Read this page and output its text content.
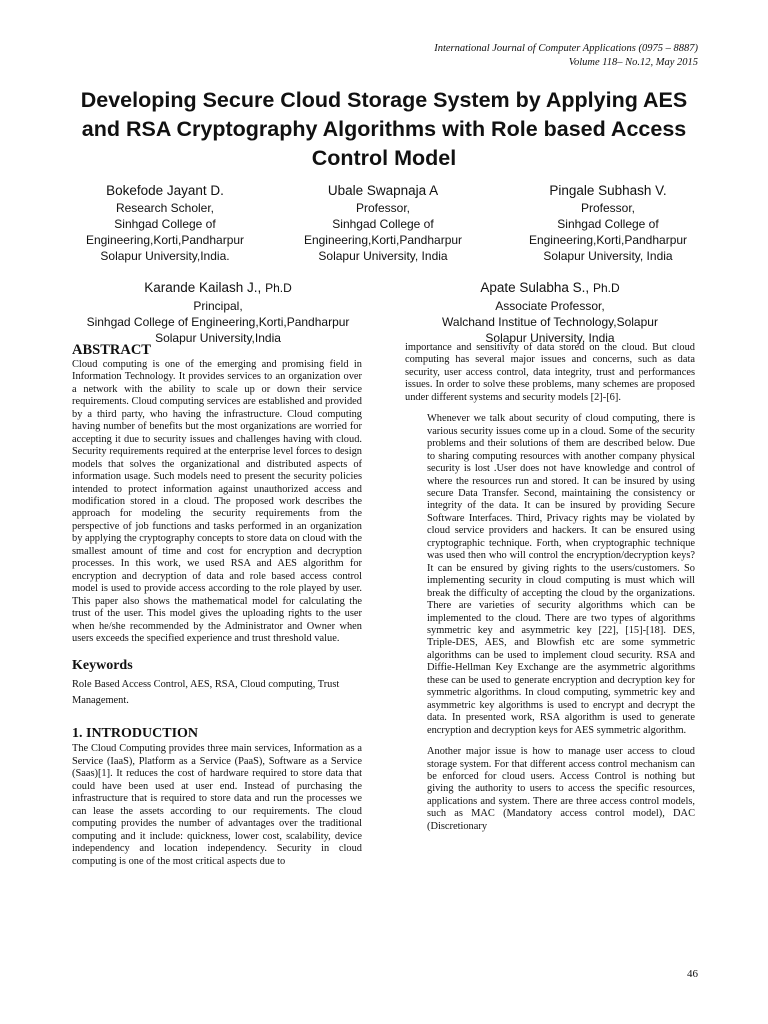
International Journal of Computer Applications (0975 – 8887)
Volume 118– No.12, May 2015
Developing Secure Cloud Storage System by Applying AES and RSA Cryptography Algorithms with Role based Access Control Model
Bokefode Jayant D.
Research Scholer,
Sinhgad College of
Engineering,Korti,Pandharpur
Solapur University,India.
Ubale Swapnaja A
Professor,
Sinhgad College of
Engineering,Korti,Pandharpur
Solapur University, India
Pingale Subhash V.
Professor,
Sinhgad College of
Engineering,Korti,Pandharpur
Solapur University, India
Karande Kailash J., Ph.D
Principal,
Sinhgad College of Engineering,Korti,Pandharpur
Solapur University,India
Apate Sulabha S., Ph.D
Associate Professor,
Walchand Institue of Technology,Solapur
Solapur University, India
ABSTRACT

Cloud computing is one of the emerging and promising field in Information Technology. It provides services to an organization over a network with the ability to scale up or down their service requirements. Cloud computing services are established and provided by a third party, who having the infrastructure. Cloud computing having number of benefits but the most organizations are worried for accepting it due to security issues and challenges having with cloud. Security requirements required at the enterprise level forces to design models that solves the organizational and distributed aspects of information usage. Such models need to present the security policies intended to protect information against unauthorized access and modification stored in a cloud. The proposed work describes the approach for modeling the security requirements from the perspective of job functions and tasks performed in an organization by applying the cryptography concepts to store data on cloud with the smallest amount of time and cost for encryption and decryption processes. In this work, we used RSA and AES algorithm for encryption and decryption of data and role based access control model is used to provide access according to the role played by user. This paper also shows the mathematical model for calculating the trust of the user. This model gives the uploading rights to the user when he/she recommended by the Administrator and Owner when users exceeds the specified experience and trust threshold value.

Keywords

Role Based Access Control, AES, RSA, Cloud computing, Trust Management.

1. INTRODUCTION

The Cloud Computing provides three main services, Information as a Service (IaaS), Platform as a Service (PaaS), Software as a Service (Saas)[1]. It reduces the cost of hardware required to store data that could have been used at user end. Instead of purchasing the infrastructure that is required to store data and run the processes we can lease the assets according to our requirements. The cloud computing provides the number of advantages over the traditional computing and it include: quickness, lower cost, scalability, device independency and location independency. Security in cloud computing is one of the most critical aspects due to

importance and sensitivity of data stored on the cloud. But cloud computing has several major issues and concerns, such as data security, user access control, data integrity, trust and performances issues. In order to solve these problems, many schemes are proposed under different systems and security models [2]-[6].

Whenever we talk about security of cloud computing, there is various security issues come up in a cloud. Some of the security problems and their solutions of them are described below. Due to sharing computing resources with another company physical security is lost .User does not have knowledge and control of where the resources run and stored. It can be insured by using secure Data Transfer. Second, maintaining the consistency or integrity of the data. It can be insured by providing Secure Software Interfaces. Third, Privacy rights may be violated by cloud service providers and hackers. It can be ensured using cryptographic technique. Forth, when cryptographic technique was used then who will control the encryption/decryption keys? It can be ensured by giving rights to the users/customers. So implementing security in cloud computing is must which will break the difficulty of accepting the cloud by the organizations. There are varieties of security algorithms which can be implemented to the cloud. There are two types of algorithms symmetric key and asymmetric key [22], [15]-[18]. DES, Triple-DES, AES, and Blowfish etc are some symmetric algorithms can be used to implement cloud security. RSA and Diffie-Hellman Key Exchange are the asymmetric algorithms these can be used to generate encryption and decryption key for symmetric algorithms. In cloud computing, symmetric key and asymmetric key algorithms is used to encrypt and decrypt the data. In presented work, RSA algorithm is used to generate encryption and decryption keys for AES symmetric algorithm.

Another major issue is how to manage user access to cloud storage system. For that different access control mechanism can be enforced for cloud users. Access Control is nothing but giving the authority to users to access the specific resources, applications and system. There are three access control models, such as MAC (Mandatory access control model), DAC (Discretionary

46
